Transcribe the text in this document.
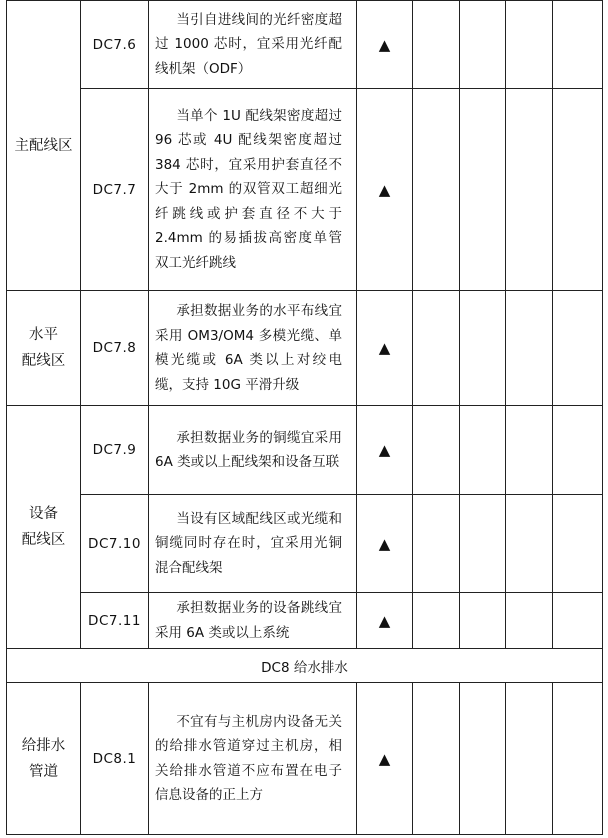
主配线区	DC7.6	当引自进线间的光纤密度超过 1000 芯时，宜采用光纤配线机架（ODF）	▲				
	DC7.7	当单个 1U 配线架密度超过 96 芯或 4U 配线架密度超过 384 芯时，宜采用护套直径不大于 2mm 的双管双工超细光纤跳线或护套直径不大于 2.4mm 的易插拔高密度单管双工光纤跳线	▲				

水平
配线区	DC7.8	承担数据业务的水平布线宜采用 OM3/OM4 多模光缆、单模光缆或 6A 类以上对绞电缆，支持 10G 平滑升级	▲				

设备
配线区	DC7.9	承担数据业务的铜缆宜采用 6A 类或以上配线架和设备互联	▲				
	DC7.10	当设有区域配线区或光缆和铜缆同时存在时，宜采用光铜混合配线架	▲				
	DC7.11	承担数据业务的设备跳线宜采用 6A 类或以上系统	▲				
DC8 给水排水							

给排水
管道	DC8.1	不宜有与主机房内设备无关的给排水管道穿过主机房，相关给排水管道不应布置在电子信息设备的正上方	▲				
